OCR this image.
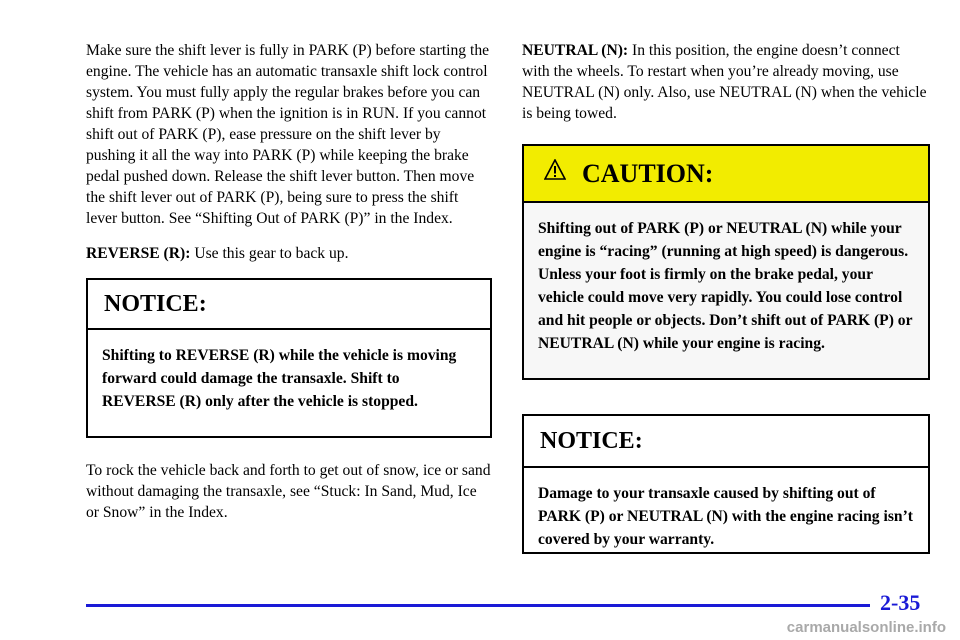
Make sure the shift lever is fully in PARK (P) before starting the engine. The vehicle has an automatic transaxle shift lock control system. You must fully apply the regular brakes before you can shift from PARK (P) when the ignition is in RUN. If you cannot shift out of PARK (P), ease pressure on the shift lever by pushing it all the way into PARK (P) while keeping the brake pedal pushed down. Release the shift lever button. Then move the shift lever out of PARK (P), being sure to press the shift lever button. See “Shifting Out of PARK (P)” in the Index.

REVERSE (R): Use this gear to back up.

NOTICE:
Shifting to REVERSE (R) while the vehicle is moving forward could damage the transaxle. Shift to REVERSE (R) only after the vehicle is stopped.

To rock the vehicle back and forth to get out of snow, ice or sand without damaging the transaxle, see “Stuck: In Sand, Mud, Ice or Snow” in the Index.

NEUTRAL (N): In this position, the engine doesn’t connect with the wheels. To restart when you’re already moving, use NEUTRAL (N) only. Also, use NEUTRAL (N) when the vehicle is being towed.

CAUTION:
Shifting out of PARK (P) or NEUTRAL (N) while your engine is “racing” (running at high speed) is dangerous. Unless your foot is firmly on the brake pedal, your vehicle could move very rapidly. You could lose control and hit people or objects. Don’t shift out of PARK (P) or NEUTRAL (N) while your engine is racing.
NOTICE:
Damage to your transaxle caused by shifting out of PARK (P) or NEUTRAL (N) with the engine racing isn’t covered by your warranty.
2-35
carmanualsonline.info
